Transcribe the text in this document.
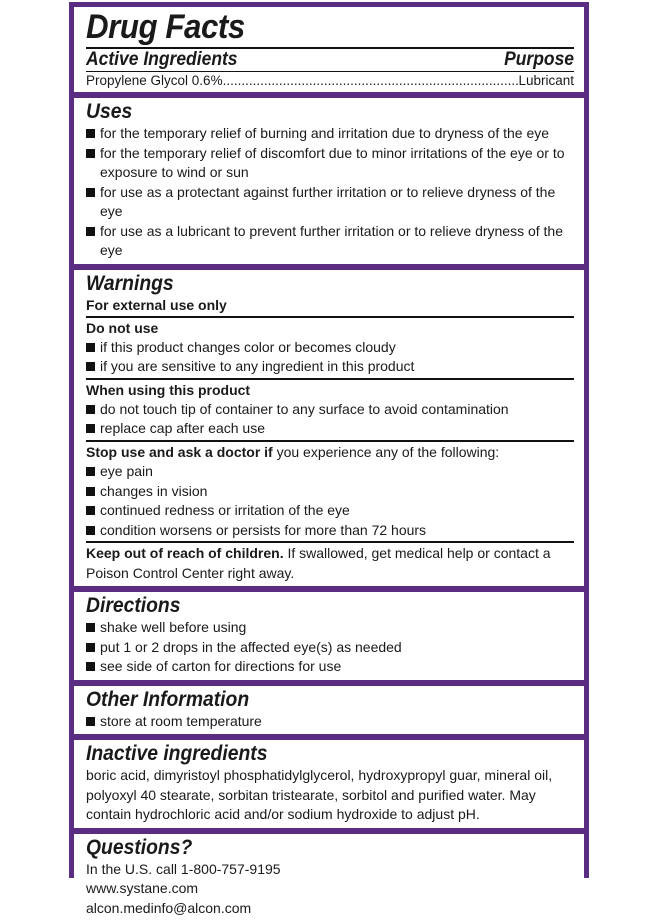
Drug Facts
Active Ingredients	Purpose
Propylene Glycol 0.6%
.....	Lubricant
Uses
for the temporary relief of burning and irritation due to dryness of the eye
for the temporary relief of discomfort due to minor irritations of the eye or to exposure to wind or sun
for use as a protectant against further irritation or to relieve dryness of the eye
for use as a lubricant to prevent further irritation or to relieve dryness of the eye
Warnings
For external use only
Do not use
if this product changes color or becomes cloudy
if you are sensitive to any ingredient in this product
When using this product
do not touch tip of container to any surface to avoid contamination
replace cap after each use
Stop use and ask a doctor if you experience any of the following:
eye pain
changes in vision
continued redness or irritation of the eye
condition worsens or persists for more than 72 hours
Keep out of reach of children. If swallowed, get medical help or contact a Poison Control Center right away.
Directions
shake well before using
put 1 or 2 drops in the affected eye(s) as needed
see side of carton for directions for use
Other Information
store at room temperature
Inactive ingredients
boric acid, dimyristoyl phosphatidylglycerol, hydroxypropyl guar, mineral oil, polyoxyl 40 stearate, sorbitan tristearate, sorbitol and purified water. May contain hydrochloric acid and/or sodium hydroxide to adjust pH.
Questions?
In the U.S. call 1-800-757-9195
www.systane.com
alcon.medinfo@alcon.com
